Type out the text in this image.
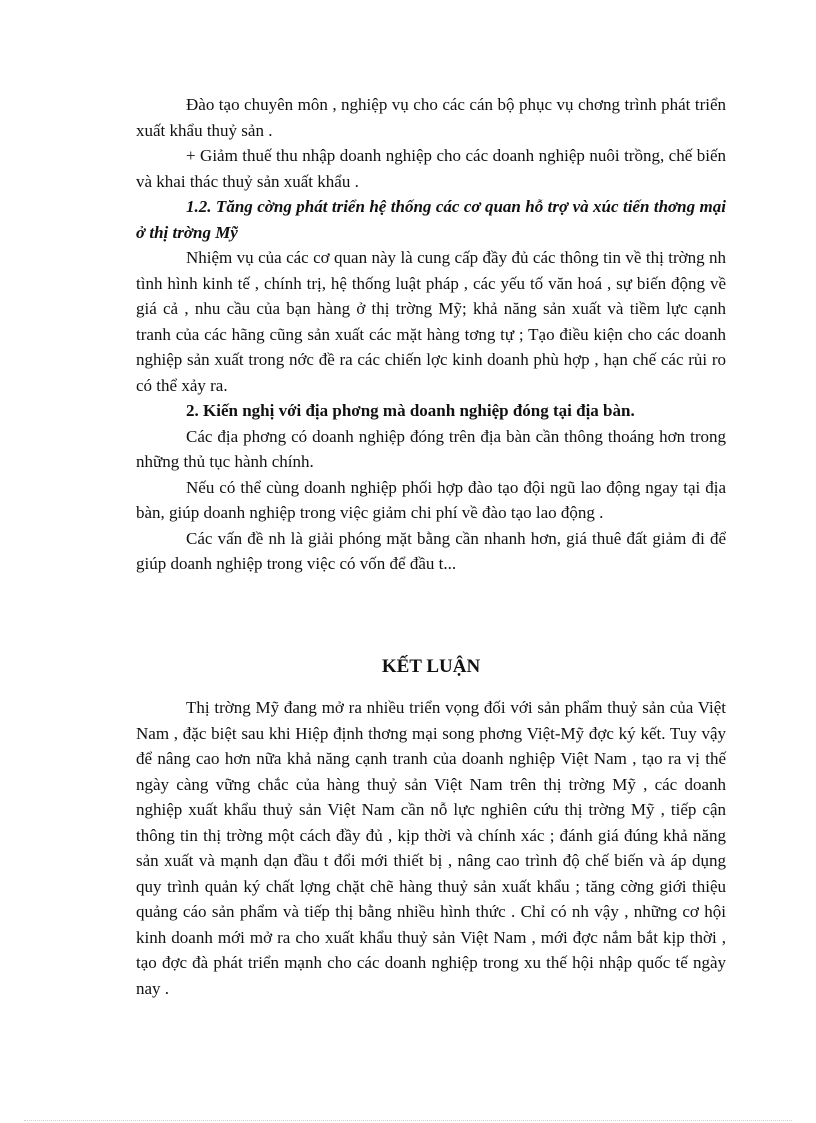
Đào tạo chuyên môn , nghiệp vụ cho các cán bộ phục vụ chơng trình phát triển xuất khẩu thuỷ sản .

+ Giảm thuế thu nhập doanh nghiệp cho các doanh nghiệp nuôi trồng, chế biến và khai thác thuỷ sản xuất khẩu .

1.2. Tăng cờng phát triển hệ thống các cơ quan hỗ trợ và xúc tiến thơng mại ở thị trờng Mỹ

Nhiệm vụ của các cơ quan này là cung cấp đầy đủ các thông tin về thị trờng nh tình hình kinh tế , chính trị, hệ thống luật pháp , các yếu tố văn hoá , sự biến động về giá cả , nhu cầu của bạn hàng ở thị trờng Mỹ; khả năng sản xuất và tiềm lực cạnh tranh của các hãng cũng sản xuất các mặt hàng tơng tự ; Tạo điều kiện cho các doanh nghiệp sản xuất trong nớc đề ra các chiến lợc kinh doanh phù hợp , hạn chế các rủi ro có thể xảy ra.

2. Kiến nghị với địa phơng mà doanh nghiệp đóng tại địa bàn.

Các địa phơng có doanh nghiệp đóng trên địa bàn cần thông thoáng hơn trong những thủ tục hành chính.

Nếu có thể cùng doanh nghiệp phối hợp đào tạo đội ngũ lao động ngay tại địa bàn, giúp doanh nghiệp trong việc giảm chi phí về đào tạo lao động .

Các vấn đề nh là giải phóng mặt bằng cần nhanh hơn, giá thuê đất giảm đi để giúp doanh nghiệp trong việc có vốn để đầu t...

KẾT LUẬN

Thị trờng Mỹ đang mở ra nhiều triển vọng đối với sản phẩm thuỷ sản của Việt Nam , đặc biệt sau khi Hiệp định thơng mại song phơng Việt-Mỹ đợc ký kết. Tuy vậy để nâng cao hơn nữa khả năng cạnh tranh của doanh nghiệp Việt Nam , tạo ra vị thế ngày càng vững chắc của hàng thuỷ sản Việt Nam trên thị trờng Mỹ , các doanh nghiệp xuất khẩu thuỷ sản Việt Nam cần nỗ lực nghiên cứu thị trờng Mỹ , tiếp cận thông tin thị trờng một cách đầy đủ , kịp thời và chính xác ; đánh giá đúng khả năng sản xuất và mạnh dạn đầu t đổi mới thiết bị , nâng cao trình độ chế biến và áp dụng quy trình quản ký chất lợng chặt chẽ hàng thuỷ sản xuất khẩu ; tăng cờng giới thiệu quảng cáo sản phẩm và tiếp thị bằng nhiều hình thức . Chỉ có nh vậy , những cơ hội kinh doanh mới mở ra cho xuất khẩu thuỷ sản Việt Nam , mới đợc nắm bắt kịp thời , tạo đợc đà phát triển mạnh cho các doanh nghiệp trong xu thế hội nhập quốc tế ngày nay .
